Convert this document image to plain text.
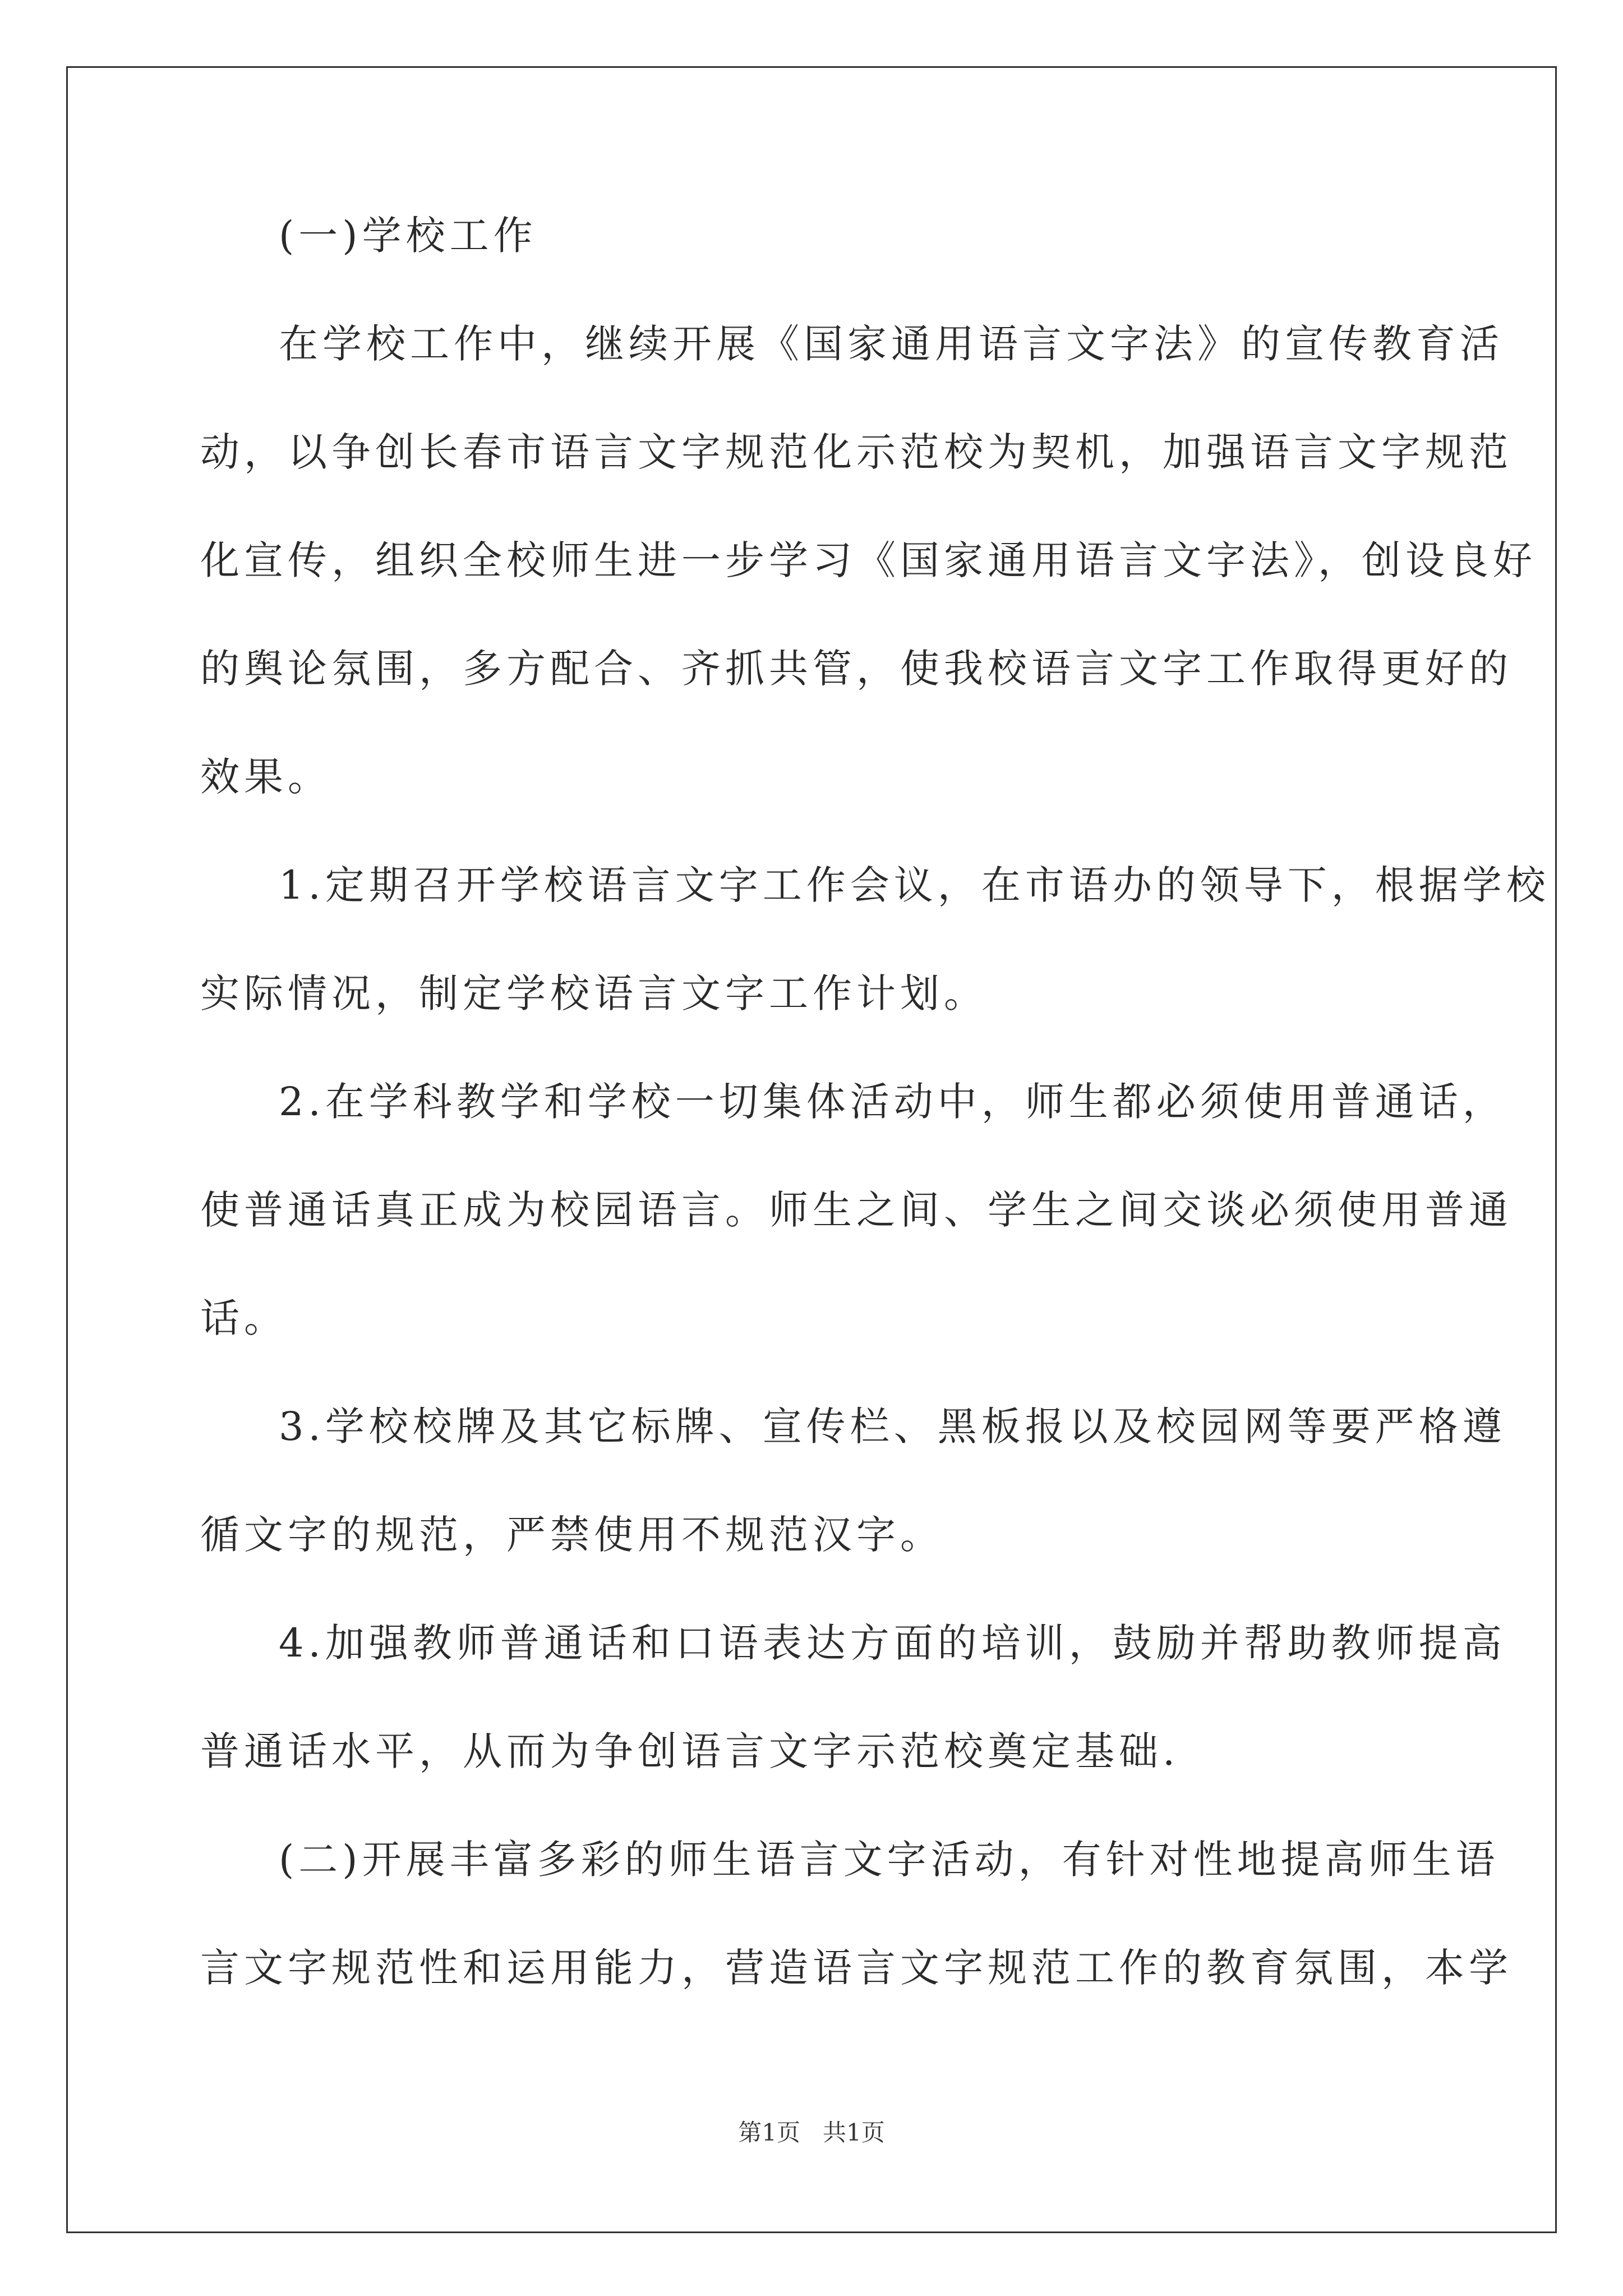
(一)学校工作
在学校工作中，继续开展《国家通用语言文字法》的宣传教育活
动，以争创长春市语言文字规范化示范校为契机，加强语言文字规范
化宣传，组织全校师生进一步学习《国家通用语言文字法》，创设良好
的舆论氛围，多方配合、齐抓共管，使我校语言文字工作取得更好的
效果。
1.定期召开学校语言文字工作会议，在市语办的领导下，根据学校
实际情况，制定学校语言文字工作计划。
2.在学科教学和学校一切集体活动中，师生都必须使用普通话，
使普通话真正成为校园语言。师生之间、学生之间交谈必须使用普通
话。
3.学校校牌及其它标牌、宣传栏、黑板报以及校园网等要严格遵
循文字的规范，严禁使用不规范汉字。
4.加强教师普通话和口语表达方面的培训，鼓励并帮助教师提高
普通话水平，从而为争创语言文字示范校奠定基础.
(二)开展丰富多彩的师生语言文字活动，有针对性地提高师生语
言文字规范性和运用能力，营造语言文字规范工作的教育氛围，本学
第1页 共1页
